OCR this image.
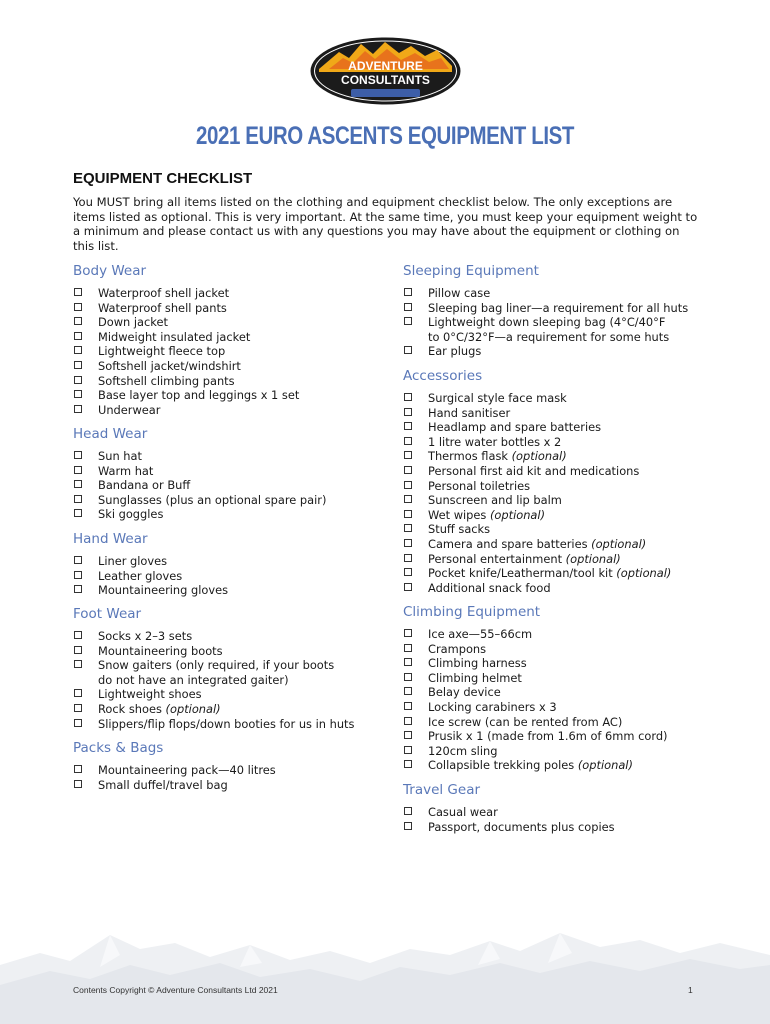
ADVENTURE
CONSULTANTS
2021 EURO ASCENTS EQUIPMENT LIST
EQUIPMENT CHECKLIST
You MUST bring all items listed on the clothing and equipment checklist below. The only exceptions are items listed as optional. This is very important. At the same time, you must keep your equipment weight to a minimum and please contact us with any questions you may have about the equipment or clothing on this list.
Body Wear
Waterproof shell jacket
Waterproof shell pants
Down jacket
Midweight insulated jacket
Lightweight fleece top
Softshell jacket/windshirt
Softshell climbing pants
Base layer top and leggings x 1 set
Underwear
Head Wear
Sun hat
Warm hat
Bandana or Buff
Sunglasses (plus an optional spare pair)
Ski goggles
Hand Wear
Liner gloves
Leather gloves
Mountaineering gloves
Foot Wear
Socks x 2–3 sets
Mountaineering boots
Snow gaiters (only required, if your boots
do not have an integrated gaiter)
Lightweight shoes
Rock shoes (optional)
Slippers/flip flops/down booties for us in huts
Packs & Bags
Mountaineering pack—40 litres
Small duffel/travel bag
Sleeping Equipment
Pillow case
Sleeping bag liner—a requirement for all huts
Lightweight down sleeping bag (4°C/40°F
to 0°C/32°F—a requirement for some huts
Ear plugs
Accessories
Surgical style face mask
Hand sanitiser
Headlamp and spare batteries
1 litre water bottles x 2
Thermos flask (optional)
Personal first aid kit and medications
Personal toiletries
Sunscreen and lip balm
Wet wipes (optional)
Stuff sacks
Camera and spare batteries (optional)
Personal entertainment (optional)
Pocket knife/Leatherman/tool kit (optional)
Additional snack food
Climbing Equipment
Ice axe—55–66cm
Crampons
Climbing harness
Climbing helmet
Belay device
Locking carabiners x 3
Ice screw (can be rented from AC)
Prusik x 1 (made from 1.6m of 6mm cord)
120cm sling
Collapsible trekking poles (optional)
Travel Gear
Casual wear
Passport, documents plus copies
Contents Copyright © Adventure Consultants Ltd 2021	1
